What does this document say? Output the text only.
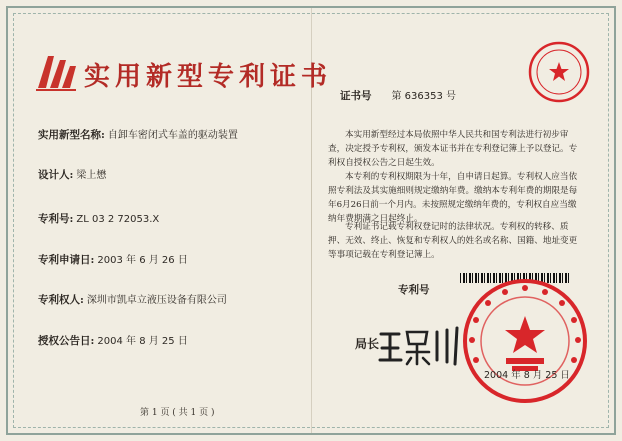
实用新型专利证书
实用新型名称: 自卸车密闭式车盖的驱动装置
设计人: 梁上懋
专利号: ZL 03 2 72053.X
专利申请日: 2003 年 6 月 26 日
专利权人: 深圳市凯卓立液压设备有限公司
授权公告日: 2004 年 8 月 25 日
第 1 页 ( 共 1 页 )
证书号 第 636353 号
本实用新型经过本局依照中华人民共和国专利法进行初步审查，决定授予专利权，颁发本证书并在专利登记簿上予以登记。专利权自授权公告之日起生效。
本专利的专利权期限为十年，自申请日起算。专利权人应当依照专利法及其实施细则规定缴纳年费。缴纳本专利年费的期限是每年6月26日前一个月内。未按照规定缴纳年费的，专利权自应当缴纳年费期满之日起终止。
专利证书记载专利权登记时的法律状况。专利权的转移、质押、无效、终止、恢复和专利权人的姓名或名称、国籍、地址变更等事项记载在专利登记簿上。
专利号
局长
2004 年 8 月 25 日
